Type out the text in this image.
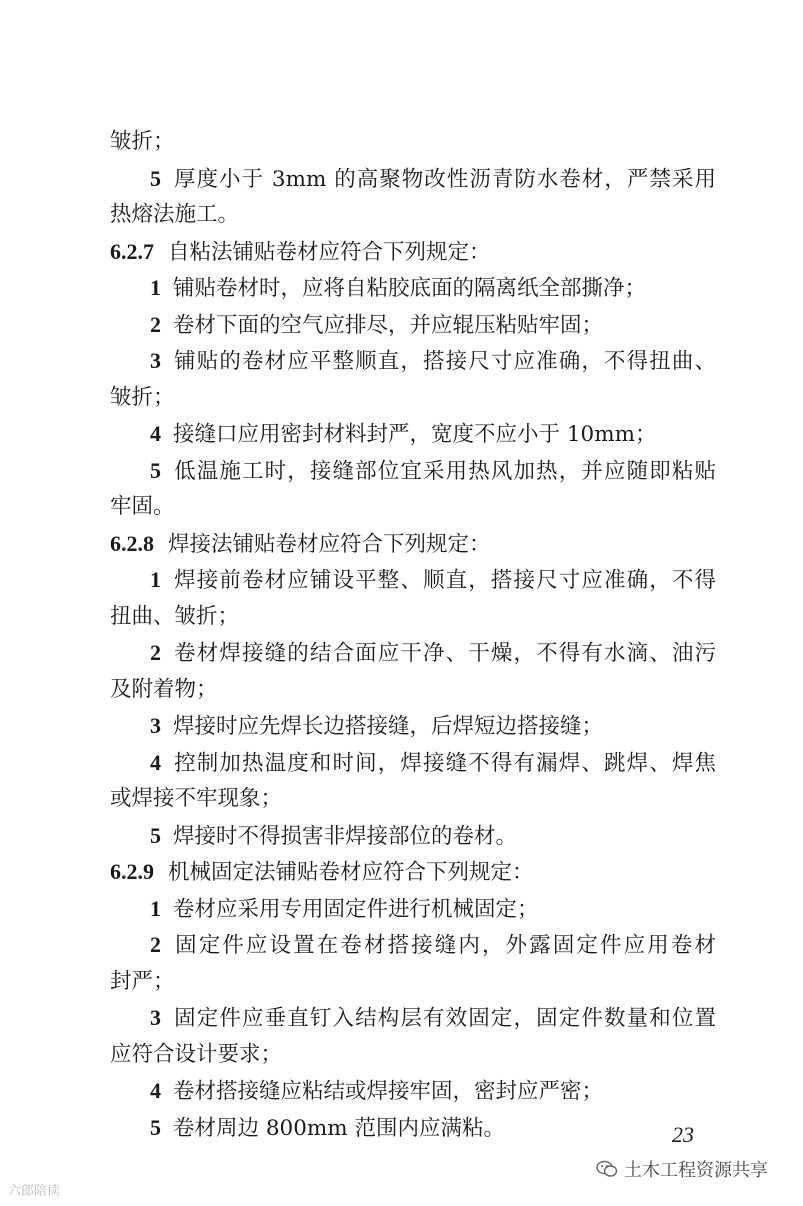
皱折；
5 厚度小于 3mm 的高聚物改性沥青防水卷材，严禁采用
热熔法施工。
6.2.7 自粘法铺贴卷材应符合下列规定：
1 铺贴卷材时，应将自粘胶底面的隔离纸全部撕净；
2 卷材下面的空气应排尽，并应辊压粘贴牢固；
3 铺贴的卷材应平整顺直，搭接尺寸应准确，不得扭曲、
皱折；
4 接缝口应用密封材料封严，宽度不应小于 10mm；
5 低温施工时，接缝部位宜采用热风加热，并应随即粘贴
牢固。
6.2.8 焊接法铺贴卷材应符合下列规定：
1 焊接前卷材应铺设平整、顺直，搭接尺寸应准确，不得
扭曲、皱折；
2 卷材焊接缝的结合面应干净、干燥，不得有水滴、油污
及附着物；
3 焊接时应先焊长边搭接缝，后焊短边搭接缝；
4 控制加热温度和时间，焊接缝不得有漏焊、跳焊、焊焦
或焊接不牢现象；
5 焊接时不得损害非焊接部位的卷材。
6.2.9 机械固定法铺贴卷材应符合下列规定：
1 卷材应采用专用固定件进行机械固定；
2 固定件应设置在卷材搭接缝内，外露固定件应用卷材
封严；
3 固定件应垂直钉入结构层有效固定，固定件数量和位置
应符合设计要求；
4 卷材搭接缝应粘结或焊接牢固，密封应严密；
5 卷材周边 800mm 范围内应满粘。	23
土木工程资源共享
六郎陪读
